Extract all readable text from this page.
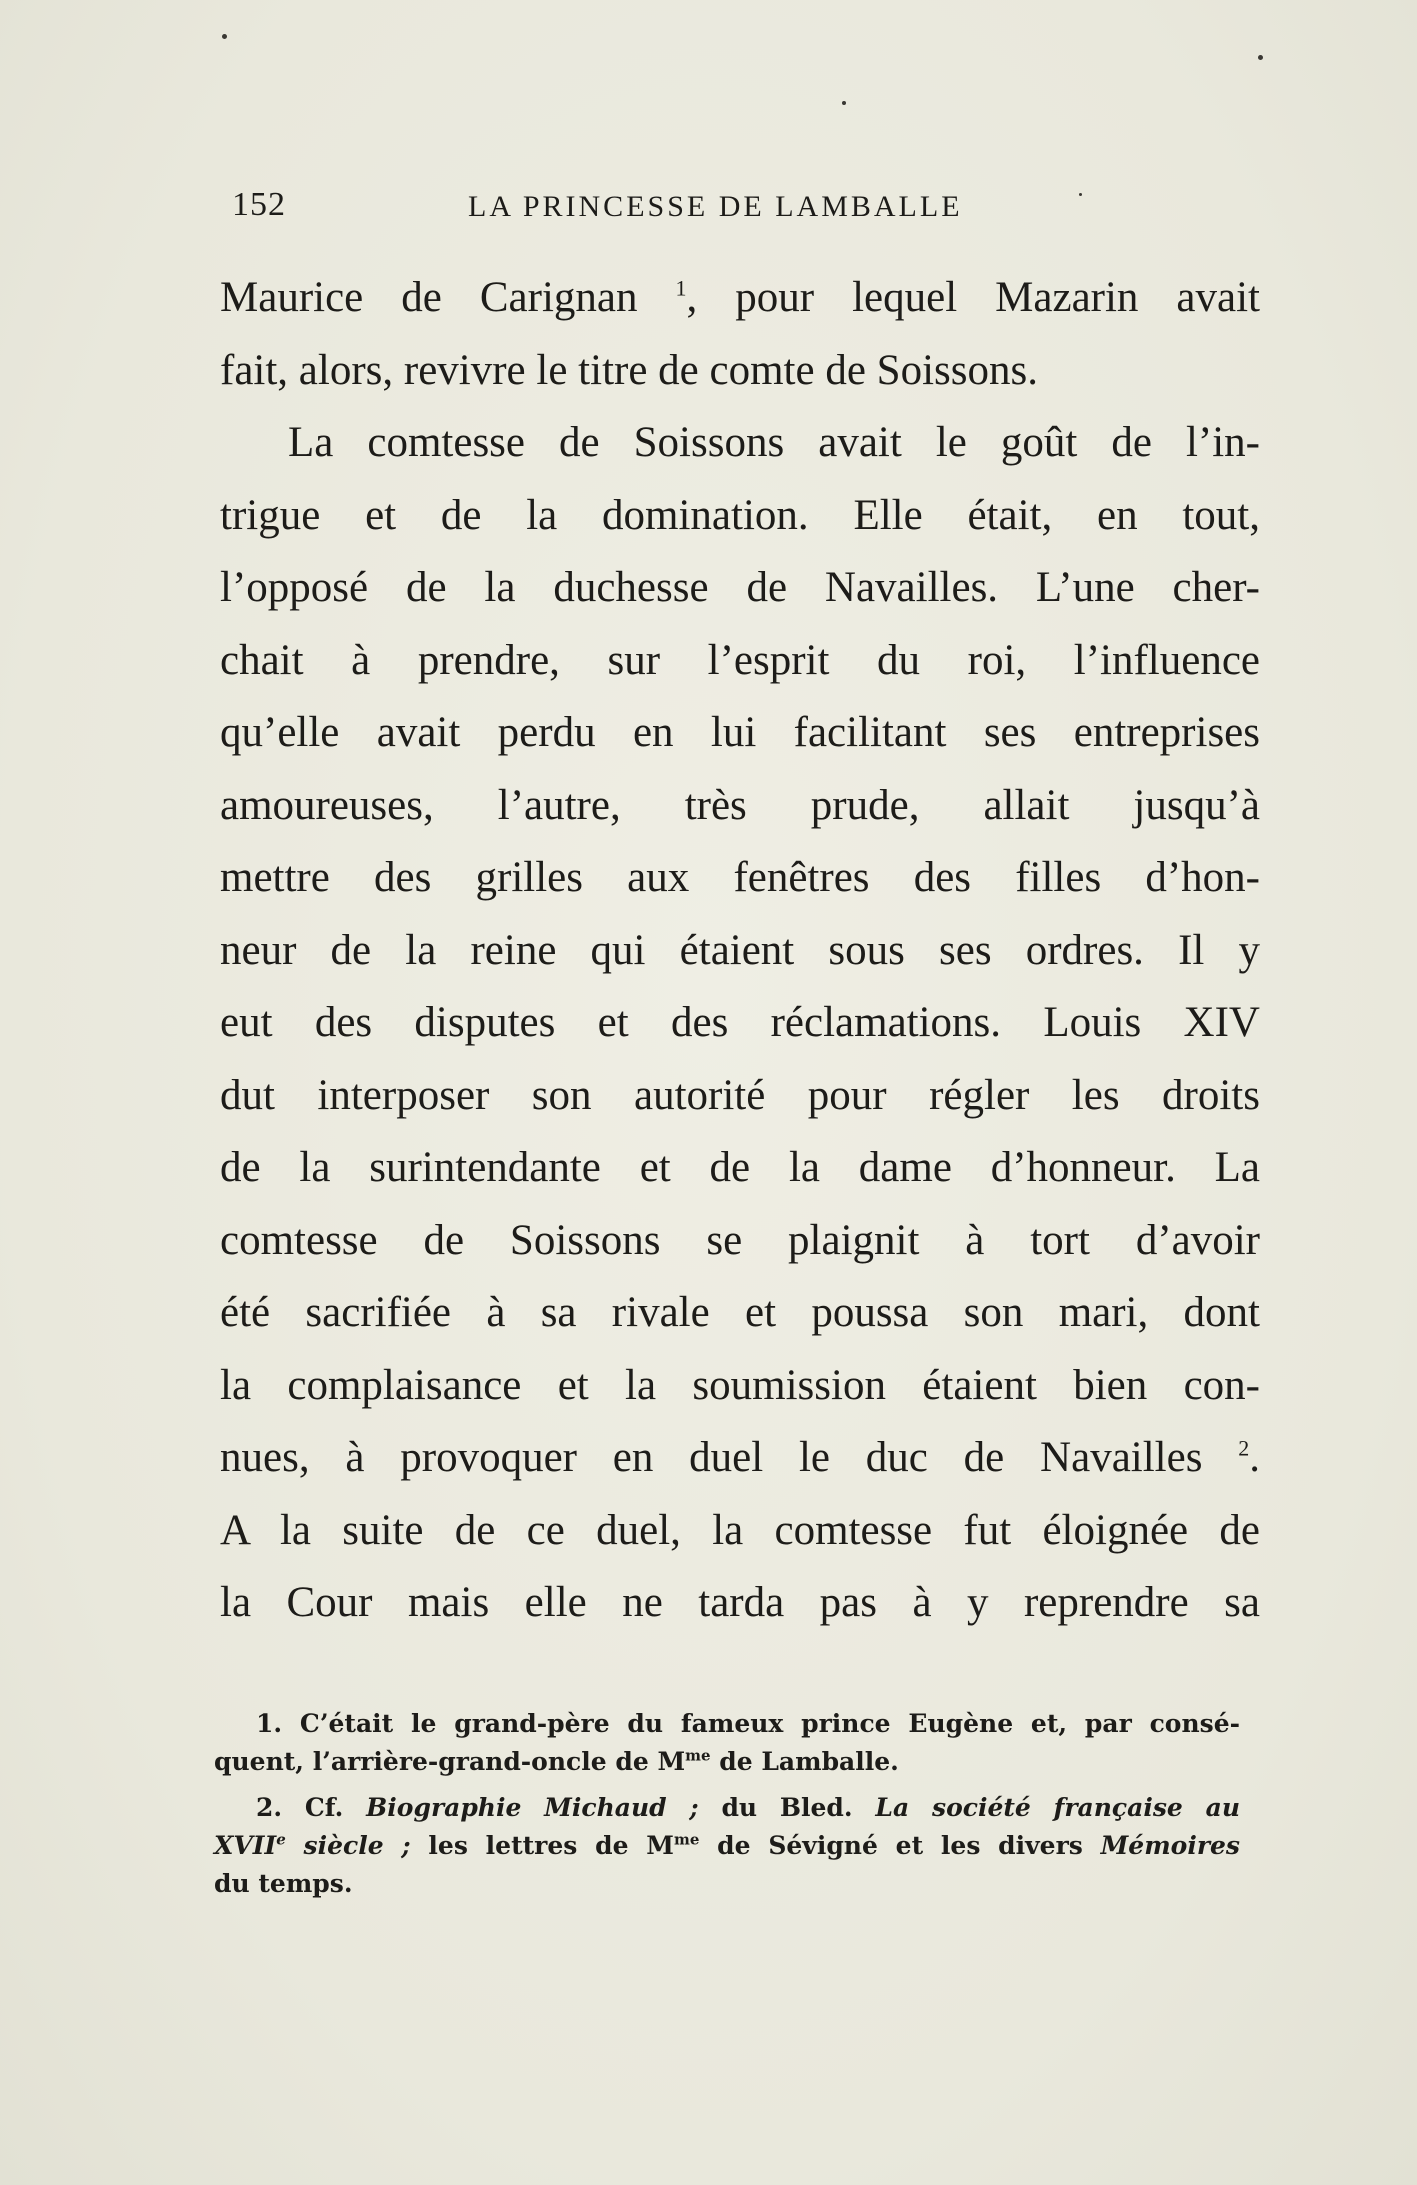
152	LA PRINCESSE DE LAMBALLE
Maurice de Carignan $^1$, pour lequel Mazarin avait
fait, alors, revivre le titre de comte de Soissons.
La comtesse de Soissons avait le goût de l’in-
trigue et de la domination. Elle était, en tout,
l’opposé de la duchesse de Navailles. L’une cher-
chait à prendre, sur l’esprit du roi, l’influence
qu’elle avait perdu en lui facilitant ses entreprises
amoureuses, l’autre, très prude, allait jusqu’à
mettre des grilles aux fenêtres des filles d’hon-
neur de la reine qui étaient sous ses ordres. Il y
eut des disputes et des réclamations. Louis XIV
dut interposer son autorité pour régler les droits
de la surintendante et de la dame d’honneur. La
comtesse de Soissons se plaignit à tort d’avoir
été sacrifiée à sa rivale et poussa son mari, dont
la complaisance et la soumission étaient bien con-
nues, à provoquer en duel le duc de Navailles $^2$.
A la suite de ce duel, la comtesse fut éloignée de
la Cour mais elle ne tarda pas à y reprendre sa
1. C’était le grand-père du fameux prince Eugène et, par consé-
quent, l’arrière-grand-oncle de $M^{me}$ de Lamballe.
2. Cf. Biographie Michaud ; du Bled. La société française au
XVIIe siècle ; les lettres de $M^{me}$ de Sévigné et les divers Mémoires
du temps.
